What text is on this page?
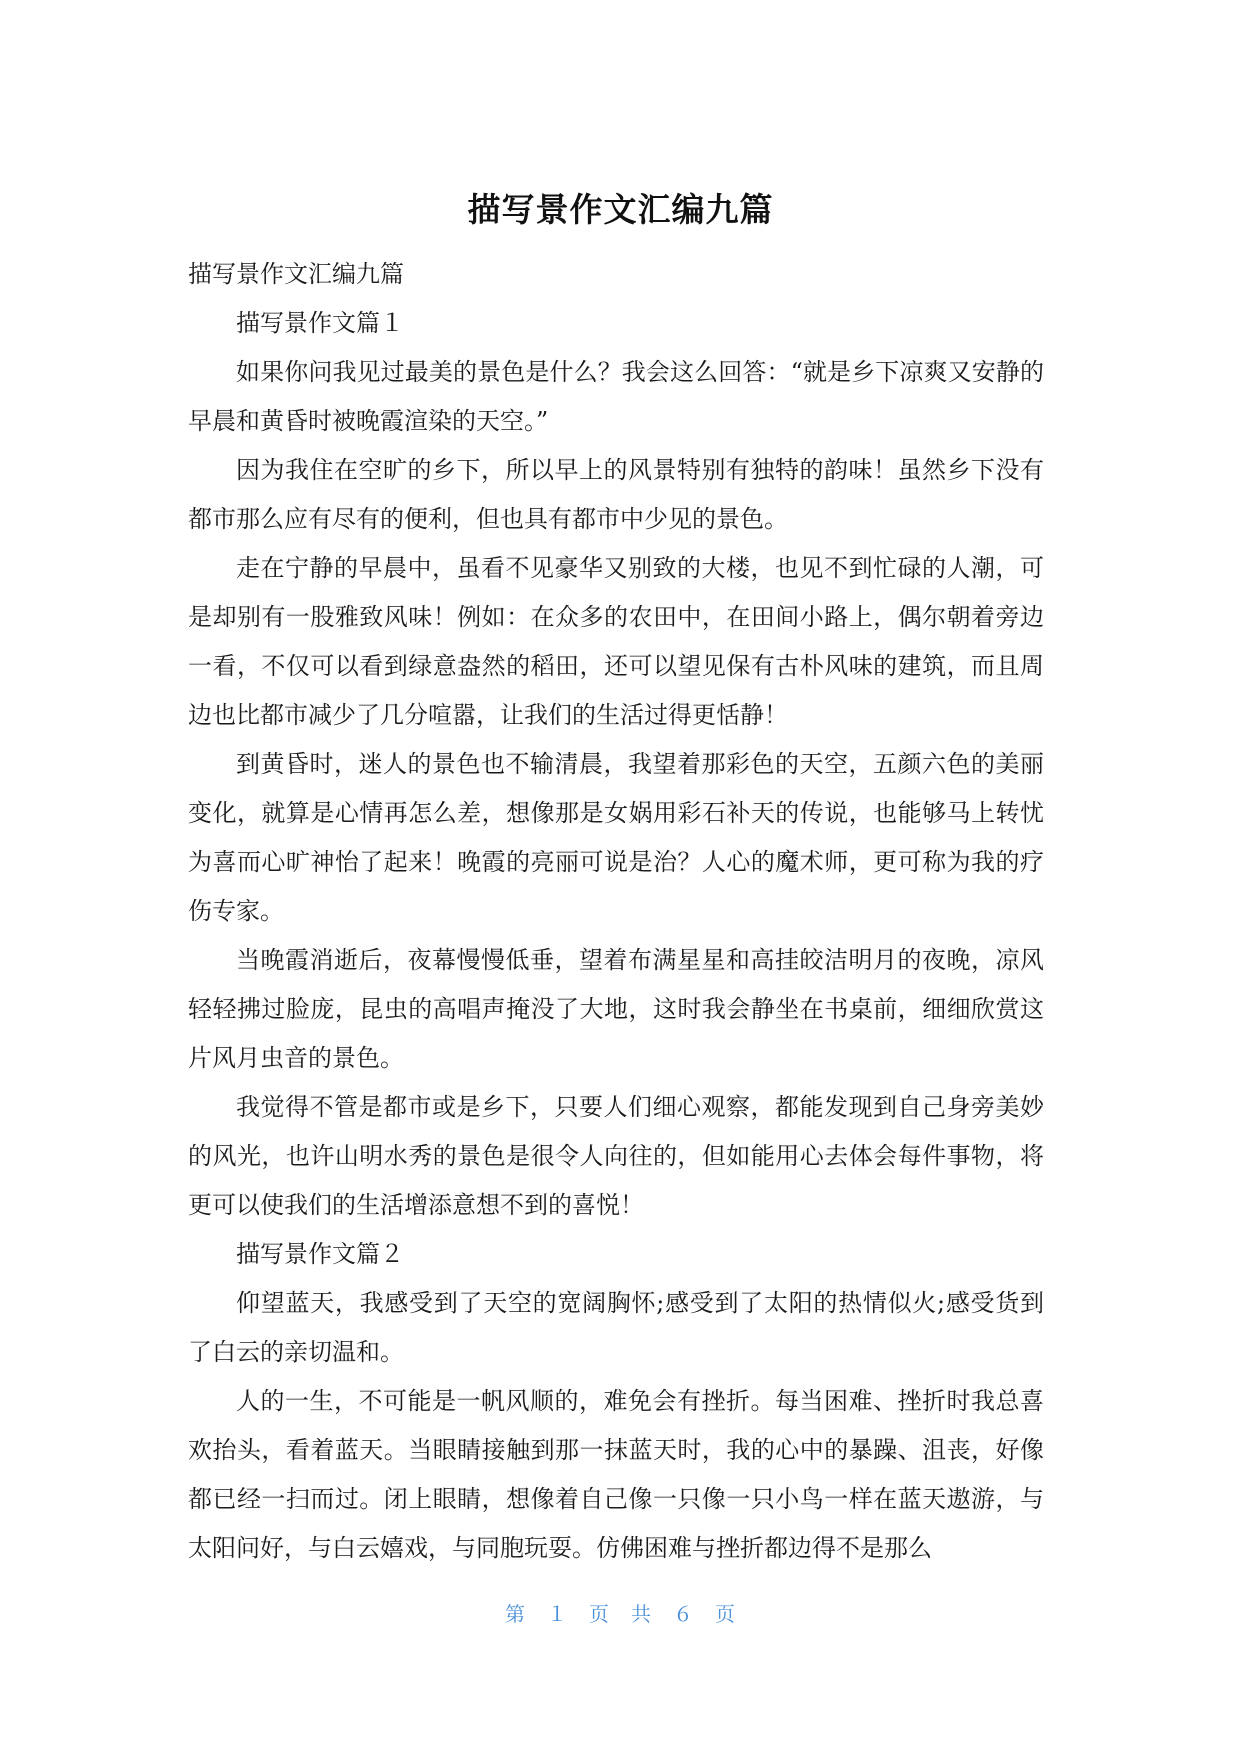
描写景作文汇编九篇

描写景作文汇编九篇

描写景作文篇１

如果你问我见过最美的景色是什么？我会这么回答：“就是乡下凉爽又安静的早晨和黄昏时被晚霞渲染的天空。”

因为我住在空旷的乡下，所以早上的风景特别有独特的韵味！虽然乡下没有都市那么应有尽有的便利，但也具有都市中少见的景色。

走在宁静的早晨中，虽看不见豪华又别致的大楼，也见不到忙碌的人潮，可是却别有一股雅致风味！例如：在众多的农田中，在田间小路上，偶尔朝着旁边一看，不仅可以看到绿意盎然的稻田，还可以望见保有古朴风味的建筑，而且周边也比都市减少了几分喧嚣，让我们的生活过得更恬静！

到黄昏时，迷人的景色也不输清晨，我望着那彩色的天空，五颜六色的美丽变化，就算是心情再怎么差，想像那是女娲用彩石补天的传说，也能够马上转忧为喜而心旷神怡了起来！晚霞的亮丽可说是治？人心的魔术师，更可称为我的疗伤专家。

当晚霞消逝后，夜幕慢慢低垂，望着布满星星和高挂皎洁明月的夜晚，凉风轻轻拂过脸庞，昆虫的高唱声掩没了大地，这时我会静坐在书桌前，细细欣赏这片风月虫音的景色。

我觉得不管是都市或是乡下，只要人们细心观察，都能发现到自己身旁美妙的风光，也许山明水秀的景色是很令人向往的，但如能用心去体会每件事物，将更可以使我们的生活增添意想不到的喜悦！

描写景作文篇２

仰望蓝天，我感受到了天空的宽阔胸怀;感受到了太阳的热情似火;感受货到了白云的亲切温和。

人的一生，不可能是一帆风顺的，难免会有挫折。每当困难、挫折时我总喜欢抬头，看着蓝天。当眼睛接触到那一抹蓝天时，我的心中的暴躁、沮丧，好像都已经一扫而过。闭上眼睛，想像着自己像一只像一只小鸟一样在蓝天遨游，与太阳问好，与白云嬉戏，与同胞玩耍。仿佛困难与挫折都边得不是那么

第　１　页　共　６　页
